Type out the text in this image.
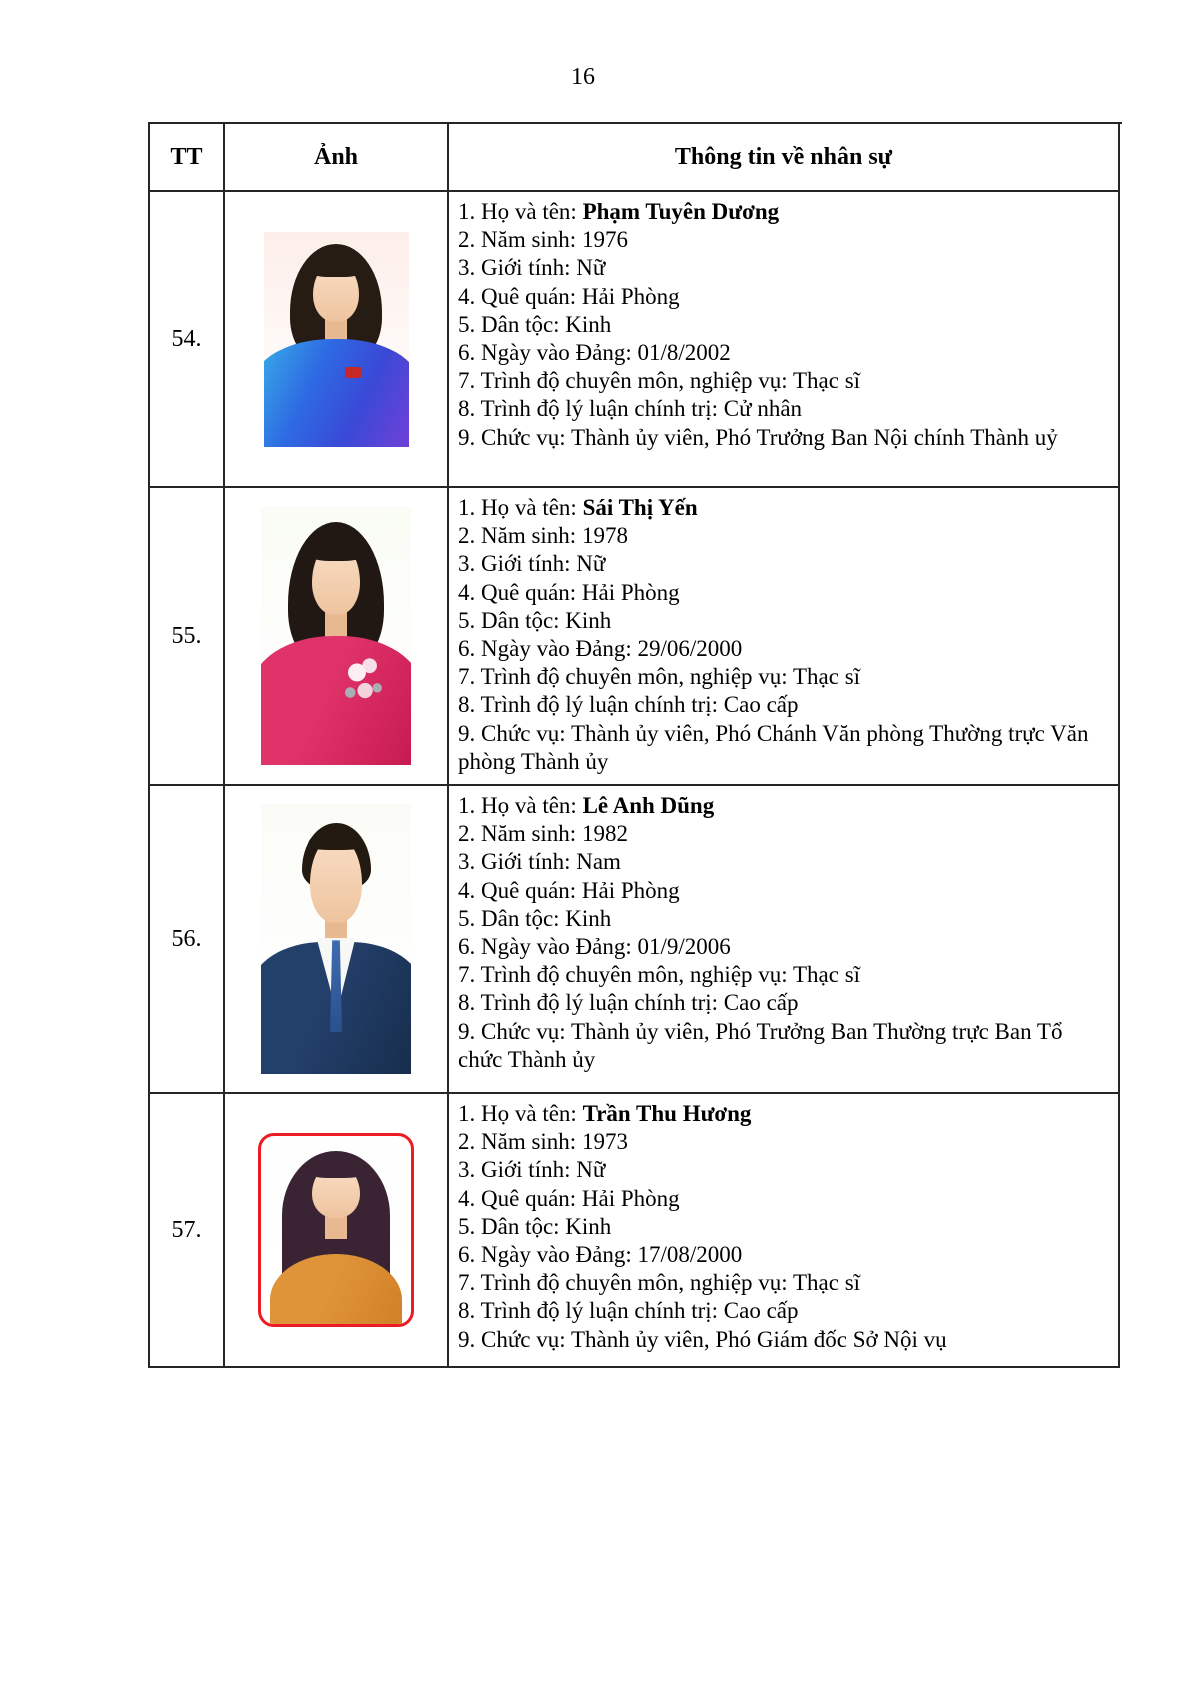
16
TT	Ảnh	Thông tin về nhân sự
54.
1. Họ và tên: Phạm Tuyên Dương
2. Năm sinh: 1976
3. Giới tính: Nữ
4. Quê quán: Hải Phòng
5. Dân tộc: Kinh
6. Ngày vào Đảng: 01/8/2002
7. Trình độ chuyên môn, nghiệp vụ: Thạc sĩ
8. Trình độ lý luận chính trị: Cử nhân
9. Chức vụ: Thành ủy viên, Phó Trưởng Ban Nội chính Thành uỷ
55.
1. Họ và tên: Sái Thị Yến
2. Năm sinh: 1978
3. Giới tính: Nữ
4. Quê quán: Hải Phòng
5. Dân tộc: Kinh
6. Ngày vào Đảng: 29/06/2000
7. Trình độ chuyên môn, nghiệp vụ: Thạc sĩ
8. Trình độ lý luận chính trị: Cao cấp
9. Chức vụ: Thành ủy viên, Phó Chánh Văn phòng Thường trực Văn phòng Thành ủy
56.
1. Họ và tên: Lê Anh Dũng
2. Năm sinh: 1982
3. Giới tính: Nam
4. Quê quán: Hải Phòng
5. Dân tộc: Kinh
6. Ngày vào Đảng: 01/9/2006
7. Trình độ chuyên môn, nghiệp vụ: Thạc sĩ
8. Trình độ lý luận chính trị: Cao cấp
9. Chức vụ: Thành ủy viên, Phó Trưởng Ban Thường trực Ban Tổ chức Thành ủy
57.
1. Họ và tên: Trần Thu Hương
2. Năm sinh: 1973
3. Giới tính: Nữ
4. Quê quán: Hải Phòng
5. Dân tộc: Kinh
6. Ngày vào Đảng: 17/08/2000
7. Trình độ chuyên môn, nghiệp vụ: Thạc sĩ
8. Trình độ lý luận chính trị: Cao cấp
9. Chức vụ: Thành ủy viên, Phó Giám đốc Sở Nội vụ
